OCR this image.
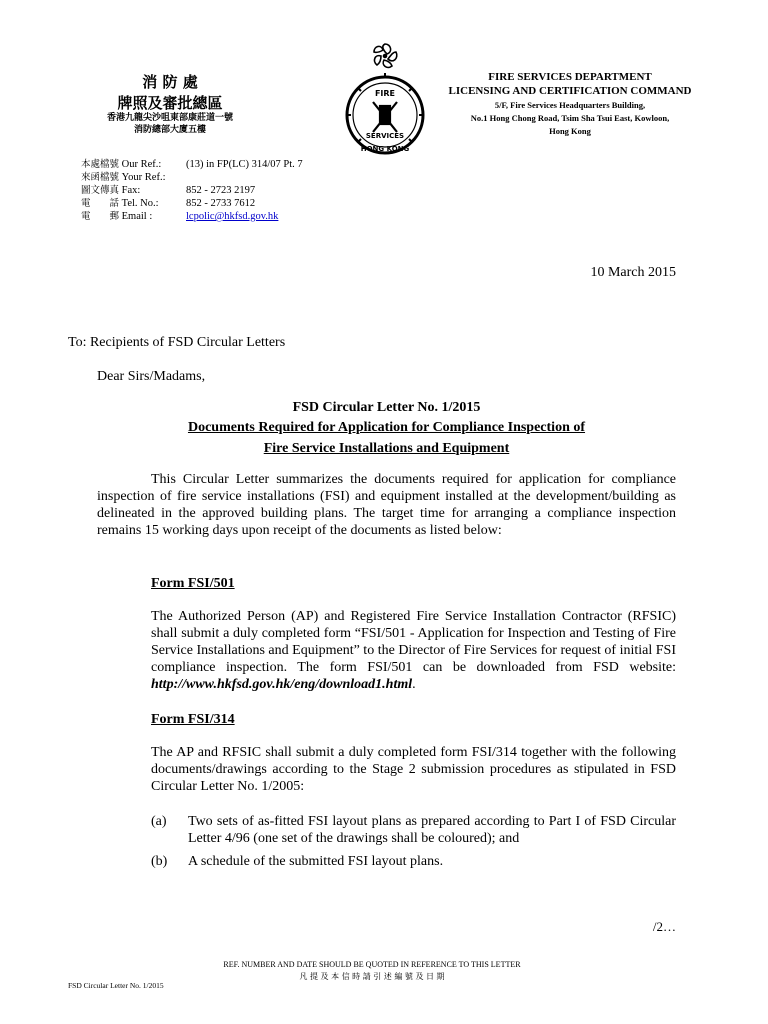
消 防 處
牌照及審批總區
香港九龍尖沙咀東部康莊道一號
消防總部大廈五樓
FIRE
SERVICES
HONG KONG
FIRE SERVICES DEPARTMENT
LICENSING AND CERTIFICATION COMMAND
5/F, Fire Services Headquarters Building,
No.1 Hong Chong Road, Tsim Sha Tsui East, Kowloon,
Hong Kong
本處檔號 Our Ref.: (13) in FP(LC) 314/07 Pt. 7
來函檔號 Your Ref.:
圖文傳真 Fax:	852 - 2723 2197
電　　話 Tel. No.:	852 - 2733 7612
電　　郵 Email :	lcpolic@hkfsd.gov.hk
10 March 2015
To: Recipients of FSD Circular Letters
Dear Sirs/Madams,
FSD Circular Letter No. 1/2015
Documents Required for Application for Compliance Inspection of
Fire Service Installations and Equipment
This Circular Letter summarizes the documents required for application for compliance inspection of fire service installations (FSI) and equipment installed at the development/building as delineated in the approved building plans. The target time for arranging a compliance inspection remains 15 working days upon receipt of the documents as listed below:
Form FSI/501
The Authorized Person (AP) and Registered Fire Service Installation Contractor (RFSIC) shall submit a duly completed form “FSI/501 - Application for Inspection and Testing of Fire Service Installations and Equipment” to the Director of Fire Services for request of initial FSI compliance inspection. The form FSI/501 can be downloaded from FSD website: http://www.hkfsd.gov.hk/eng/download1.html.
Form FSI/314
The AP and RFSIC shall submit a duly completed form FSI/314 together with the following documents/drawings according to the Stage 2 submission procedures as stipulated in FSD Circular Letter No. 1/2005:
(a) Two sets of as-fitted FSI layout plans as prepared according to Part I of FSD Circular Letter 4/96 (one set of the drawings shall be coloured); and
(b) A schedule of the submitted FSI layout plans.
/2…
REF. NUMBER AND DATE SHOULD BE QUOTED IN REFERENCE TO THIS LETTER
凡 提 及 本 信 時 請 引 述 編 號 及 日 期
FSD Circular Letter No. 1/2015
